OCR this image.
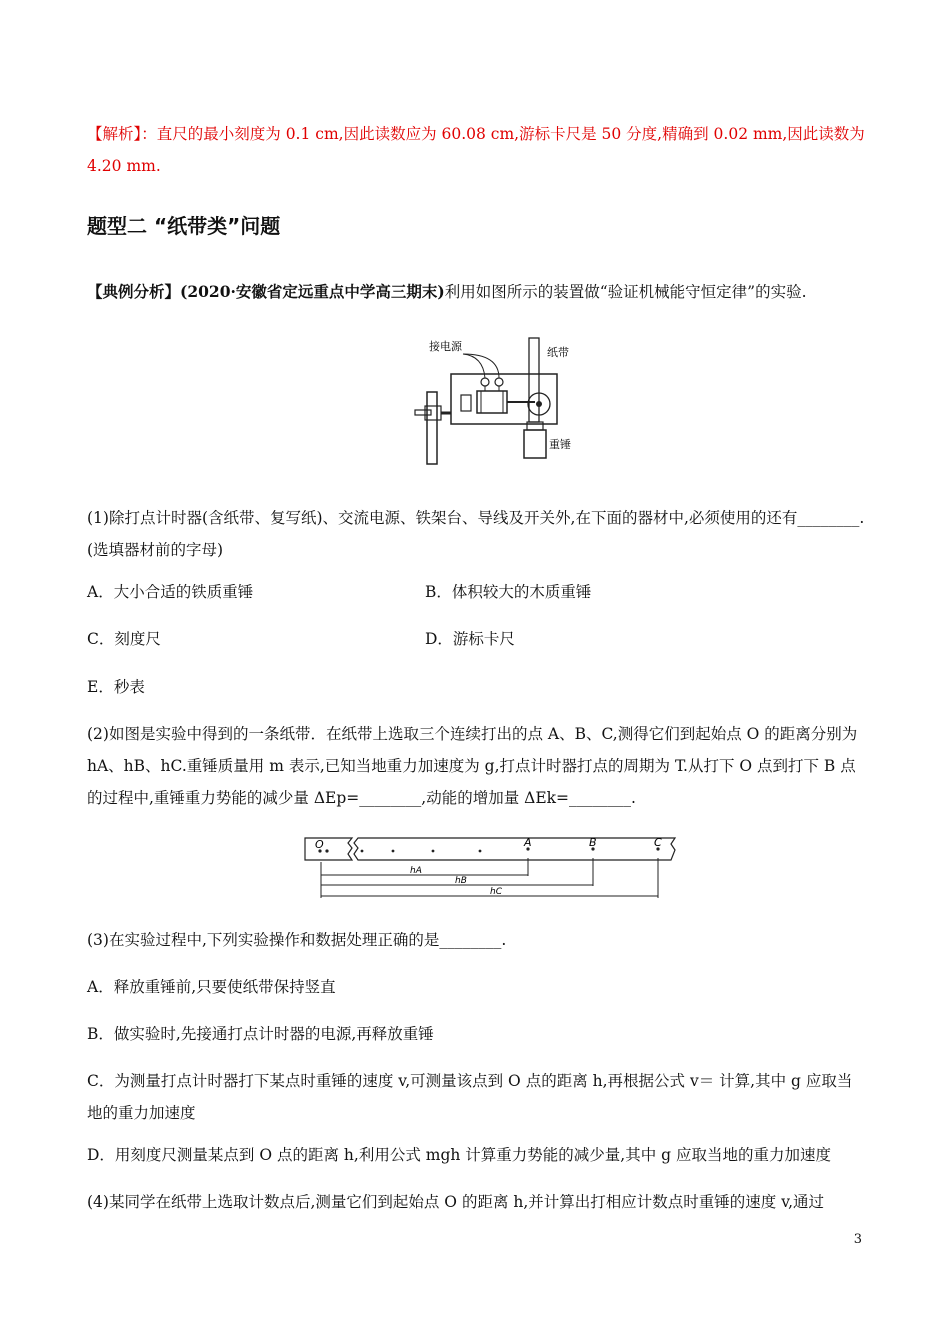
【解析】：直尺的最小刻度为 0.1 cm,因此读数应为 60.08 cm,游标卡尺是 50 分度,精确到 0.02 mm,因此读数为 4.20 mm.
题型二 “纸带类”问题
【典例分析】(2020·安徽省定远重点中学高三期末)利用如图所示的装置做“验证机械能守恒定律”的实验.
接电源	纸带
重锤
(1)除打点计时器(含纸带、复写纸)、交流电源、铁架台、导线及开关外,在下面的器材中,必须使用的还有________.(选填器材前的字母)
A．大小合适的铁质重锤	B．体积较大的木质重锤
C．刻度尺	D．游标卡尺
E．秒表
(2)如图是实验中得到的一条纸带．在纸带上选取三个连续打出的点 A、B、C,测得它们到起始点 O 的距离分别为 hA、hB、hC.重锤质量用 m 表示,已知当地重力加速度为 g,打点计时器打点的周期为 T.从打下 O 点到打下 B 点的过程中,重锤重力势能的减少量 ΔEp=________,动能的增加量 ΔEk=________.
O	A	B	C
hA
hB
hC
(3)在实验过程中,下列实验操作和数据处理正确的是________.
A．释放重锤前,只要使纸带保持竖直
B．做实验时,先接通打点计时器的电源,再释放重锤
C．为测量打点计时器打下某点时重锤的速度 v,可测量该点到 O 点的距离 h,再根据公式 v＝ 计算,其中 g 应取当地的重力加速度
D．用刻度尺测量某点到 O 点的距离 h,利用公式 mgh 计算重力势能的减少量,其中 g 应取当地的重力加速度
(4)某同学在纸带上选取计数点后,测量它们到起始点 O 的距离 h,并计算出打相应计数点时重锤的速度 v,通过
3
